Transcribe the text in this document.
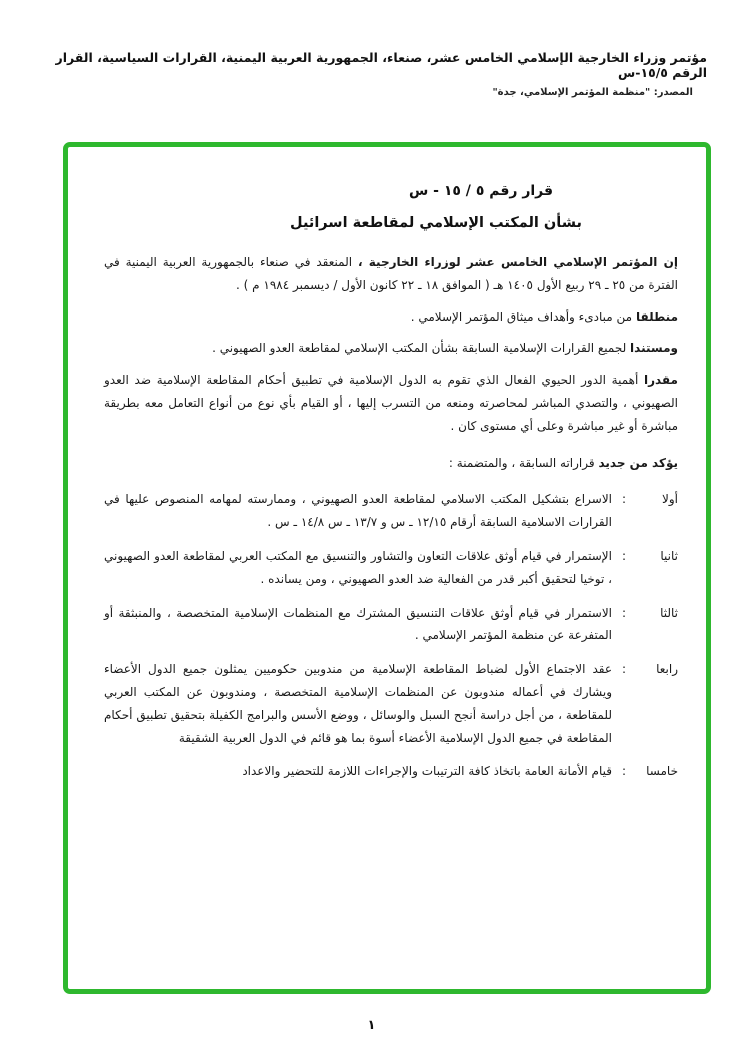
مؤتمر وزراء الخارجية الإسلامي الخامس عشر، صنعاء، الجمهورية العربية اليمنية، القرارات السياسية، القرار الرقم ١٥/٥-س
المصدر: "منظمة المؤتمر الإسلامي، جدة"
قرار رقم ٥ / ١٥ - س
بشأن المكتب الإسلامي لمقاطعة اسرائيل

إن المؤتمر الإسلامي الخامس عشر لوزراء الخارجية ، المنعقد في صنعاء بالجمهورية العربية اليمنية في الفترة من ٢٥ ـ ٢٩ ربيع الأول ١٤٠٥ هـ ( الموافق ١٨ ـ ٢٢ كانون الأول / ديسمبر ١٩٨٤ م ) .

منطلقا من مبادىء وأهداف ميثاق المؤتمر الإسلامي .

ومستندا لجميع القرارات الإسلامية السابقة بشأن المكتب الإسلامي لمقاطعة العدو الصهيوني .

مقدرا أهمية الدور الحيوي الفعال الذي تقوم به الدول الإسلامية في تطبيق أحكام المقاطعة الإسلامية ضد العدو الصهيوني ، والتصدي المباشر لمحاصرته ومنعه من التسرب إليها ، أو القيام بأي نوع من أنواع التعامل معه بطريقة مباشرة أو غير مباشرة وعلى أي مستوى كان .

يؤكد من جديد قراراته السابقة ، والمتضمنة :

أولا
:
الاسراع بتشكيل المكتب الاسلامي لمقاطعة العدو الصهيوني ، وممارسته لمهامه المنصوص عليها في القرارات الاسلامية السابقة أرقام ١٢/١٥ ـ س و ١٣/٧ ـ س ١٤/٨ ـ س .
ثانيا
:
الإستمرار في قيام أوثق علاقات التعاون والتشاور والتنسيق مع المكتب العربي لمقاطعة العدو الصهيوني ، توخيا لتحقيق أكبر قدر من الفعالية ضد العدو الصهيوني ، ومن يسانده .
ثالثا
:
الاستمرار في قيام أوثق علاقات التنسيق المشترك مع المنظمات الإسلامية المتخصصة ، والمنبثقة أو المتفرعة عن منظمة المؤتمر الإسلامي .
رابعا
:
عقد الاجتماع الأول لضباط المقاطعة الإسلامية من مندوبين حكوميين يمثلون جميع الدول الأعضاء ويشارك في أعماله مندوبون عن المنظمات الإسلامية المتخصصة ، ومندوبون عن المكتب العربي للمقاطعة ، من أجل دراسة أنجح السبل والوسائل ، ووضع الأسس والبرامج الكفيلة بتحقيق تطبيق أحكام المقاطعة في جميع الدول الإسلامية الأعضاء أسوة بما هو قائم في الدول العربية الشقيقة
خامسا
:
قيام الأمانة العامة باتخاذ كافة الترتيبات والإجراءات اللازمة للتحضير والاعداد
١
